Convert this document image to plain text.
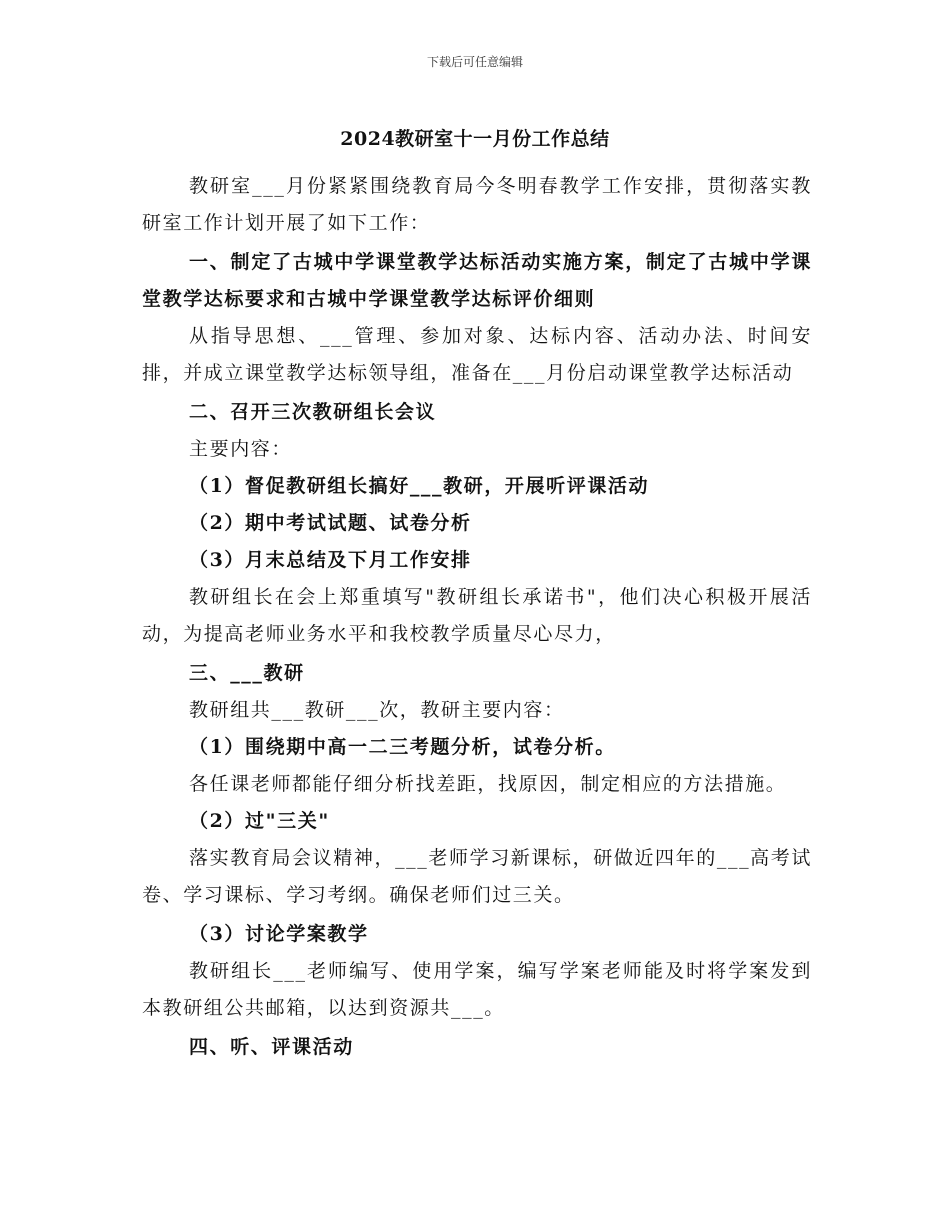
下载后可任意编辑
2024教研室十一月份工作总结

教研室___月份紧紧围绕教育局今冬明春教学工作安排，贯彻落实教研室工作计划开展了如下工作：

一、制定了古城中学课堂教学达标活动实施方案，制定了古城中学课堂教学达标要求和古城中学课堂教学达标评价细则

从指导思想、___管理、参加对象、达标内容、活动办法、时间安排，并成立课堂教学达标领导组，准备在___月份启动课堂教学达标活动

二、召开三次教研组长会议

主要内容：

（1）督促教研组长搞好___教研，开展听评课活动

（2）期中考试试题、试卷分析

（3）月末总结及下月工作安排

教研组长在会上郑重填写"教研组长承诺书"，他们决心积极开展活动，为提高老师业务水平和我校教学质量尽心尽力，

三、___教研

教研组共___教研___次，教研主要内容：

（1）围绕期中高一二三考题分析，试卷分析。

各任课老师都能仔细分析找差距，找原因，制定相应的方法措施。

（2）过"三关"

落实教育局会议精神，___老师学习新课标，研做近四年的___高考试卷、学习课标、学习考纲。确保老师们过三关。

（3）讨论学案教学

教研组长___老师编写、使用学案，编写学案老师能及时将学案发到本教研组公共邮箱，以达到资源共___。

四、听、评课活动
